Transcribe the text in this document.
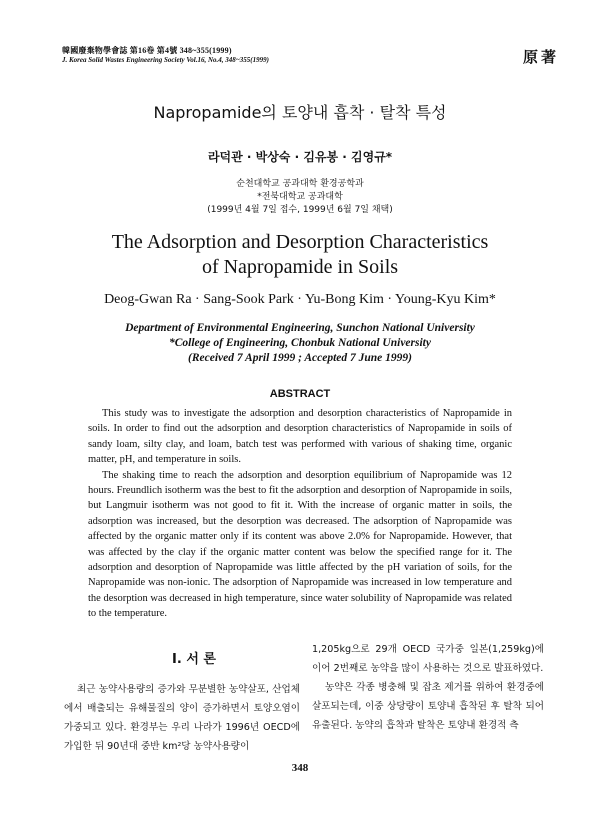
韓國廢棄物學會誌 第16卷 第4號 348~355(1999)
J. Korea Solid Wastes Engineering Society Vol.16, No.4, 348~355(1999)	原著
Napropamide의 토양내 흡착 · 탈착 특성
라덕관 · 박상숙 · 김유봉 · 김영규*
순천대학교 공과대학 환경공학과
*전북대학교 공과대학
(1999년 4월 7일 접수, 1999년 6월 7일 채택)
The Adsorption and Desorption Characteristics
of Napropamide in Soils
Deog-Gwan Ra · Sang-Sook Park · Yu-Bong Kim · Young-Kyu Kim*
Department of Environmental Engineering, Sunchon National University
*College of Engineering, Chonbuk National University
(Received 7 April 1999 ; Accepted 7 June 1999)
ABSTRACT

This study was to investigate the adsorption and desorption characteristics of Napropamide in soils. In order to find out the adsorption and desorption characteristics of Napropamide in soils of sandy loam, silty clay, and loam, batch test was performed with various of shaking time, organic matter, pH, and temperature in soils.

The shaking time to reach the adsorption and desorption equilibrium of Napropamide was 12 hours. Freundlich isotherm was the best to fit the adsorption and desorption of Napropamide in soils, but Langmuir isotherm was not good to fit it. With the increase of organic matter in soils, the adsorption was increased, but the desorption was decreased. The adsorption of Napropamide was affected by the organic matter only if its content was above 2.0% for Napropamide. However, that was affected by the clay if the organic matter content was below the specified range for it. The adsorption and desorption of Napropamide was little affected by the pH variation of soils, for the Napropamide was non-ionic. The adsorption of Napropamide was increased in low temperature and the desorption was decreased in high temperature, since water solubility of Napropamide was related to the temperature.

Ⅰ. 서 론

최근 농약사용량의 증가와 무분별한 농약살포, 산업체에서 배출되는 유해물질의 양이 증가하면서 토양오염이 가중되고 있다. 환경부는 우리 나라가 1996년 OECD에 가입한 뒤 90년대 중반 km²당 농약사용량이

1,205kg으로 29개 OECD 국가중 일본(1,259kg)에 이어 2번째로 농약을 많이 사용하는 것으로 발표하였다.

농약은 각종 병충해 및 잡초 제거를 위하여 환경중에 살포되는데, 이중 상당량이 토양내 흡착된 후 탈착 되어 유출된다. 농약의 흡착과 탈착은 토양내 환경적 측

348
